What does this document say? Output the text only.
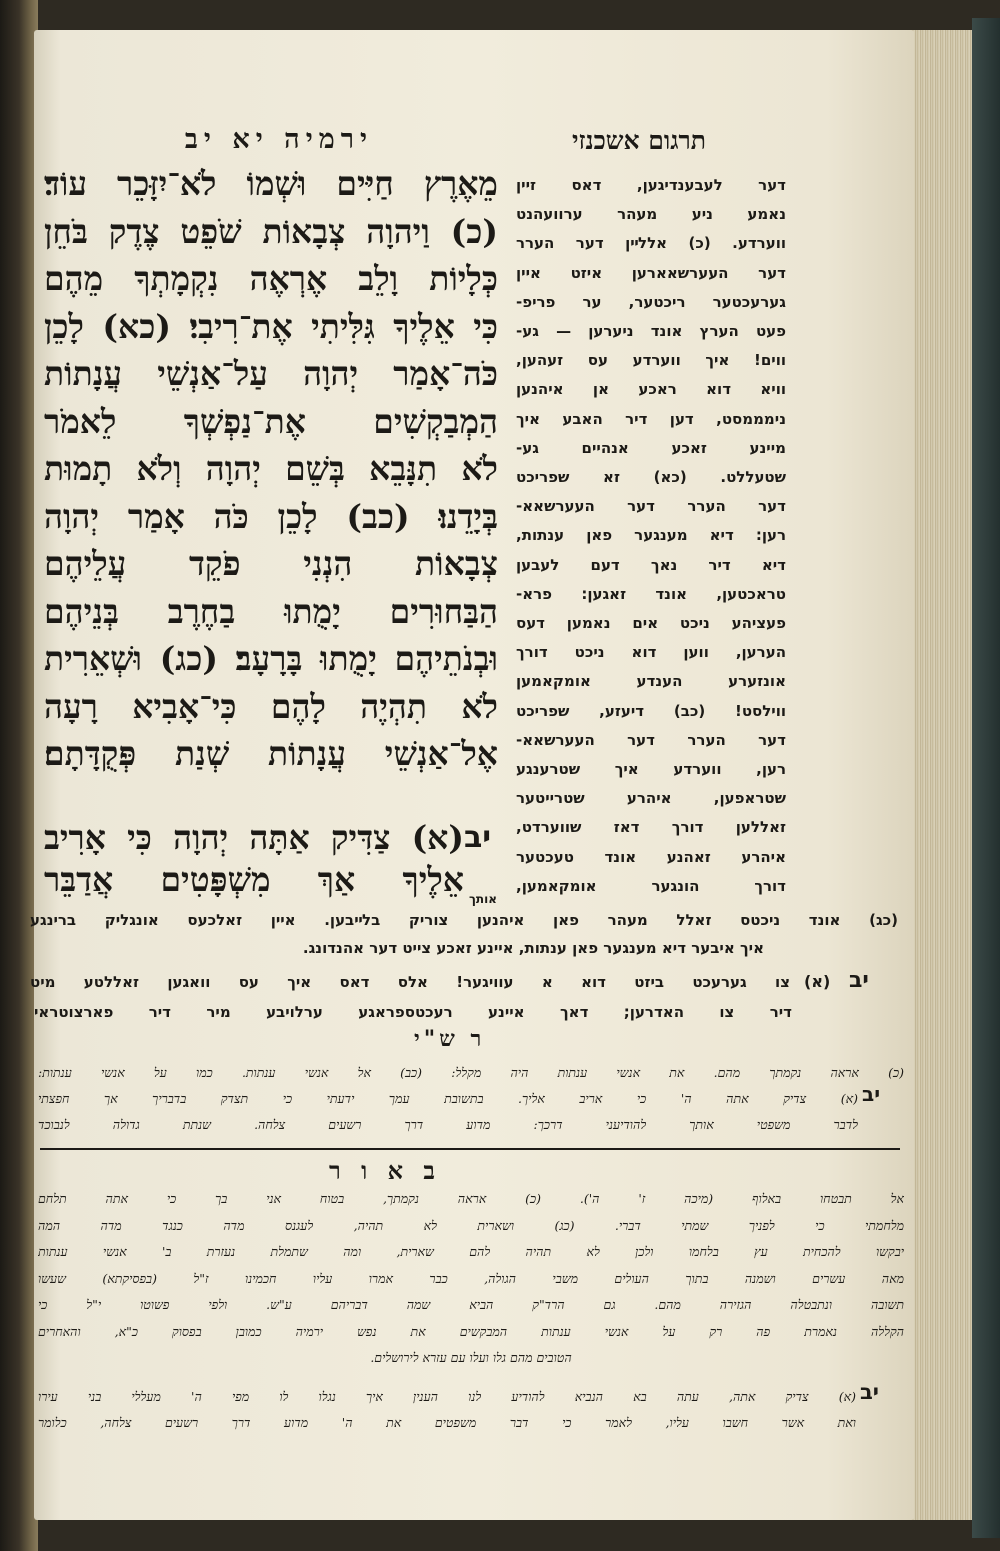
ירמיה יא יב	תרגום אשכנזי
מֵאֶרֶץ חַיִּים וּשְׁמוֹ לֹא־יִזָּכֵר עוֹד׃
(כ) וַיהוָה צְבָאוֹת שֹׁפֵט צֶדֶק בֹּחֵן
כְּלָיוֹת וָלֵב אֶרְאֶה נִקְמָתְךָ מֵהֶם
כִּי אֵלֶיךָ גִּלִּיתִי אֶת־רִיבִי׃ (כא) לָכֵן
כֹּה־אָמַר יְהוָה עַל־אַנְשֵׁי עֲנָתוֹת
הַמְבַקְשִׁים אֶת־נַפְשְׁךָ לֵאמֹר
לֹא תִנָּבֵא בְּשֵׁם יְהוָה וְלֹא תָמוּת
בְּיָדֵנוּ׃ (כב) לָכֵן כֹּה אָמַר יְהוָה
צְבָאוֹת הִנְנִי פֹקֵד עֲלֵיהֶם
הַבַּחוּרִים יָמֻתוּ בַחֶרֶב בְּנֵיהֶם
וּבְנֹתֵיהֶם יָמֻתוּ בָּרָעָב׃ (כג) וּשְׁאֵרִית
לֹא תִהְיֶה לָהֶם כִּי־אָבִיא רָעָה
אֶל־אַנְשֵׁי עֲנָתוֹת שְׁנַת פְּקֻדָּתָם׃
(א) צַדִּיק אַתָּה יְהוָה כִּי אָרִיב יב
אֵלֶיךָ אַךְ מִשְׁפָּטִים אֲדַבֵּר אותך
דער לעבענדיגען, דאס זיין
נאמע ניע מעהר ערוועהנט
ווערדע. (כ) אללײן דער הערר
דער העערשאארען איזט איין
גערעכטער ריכטער, ער פריפ-
פעט הערץ אונד ניערען — גע-
ווים! איך ווערדע עס זעהען,
וויא דוא ראכע אן איהנען
נימממסט, דען דיר האבע איך
מיינע זאכע אנהיים גע-
שטעללט. (כא) זא שפריכט
דער הערר דער העערשאא-
רען: דיא מענגער פאן ענתות,
דיא דיר נאך דעם לעבען
טראכטען, אונד זאגען: פרא-
פעציהע ניכט אים נאמען דעס
הערען, ווען דוא ניכט דורך
אונזערע הענדע אומקאמען
ווילסט! (כב) דיעזע, שפריכט
דער הערר דער העערשאא-
רען, ווערדע איך שטרענגע
שטראפען, איהרע שטרייטער
זאללען דורך דאז שווערדט,
איהרע זאהנע אונד טעכטער
דורך הונגער אומקאמען,
(כג) אונד ניכטס זאלל מעהר פאן איהנען צוריק בלײבען. איין זאלכעס אונגליק ברינגע
איך איבער דיא מענגער פאן ענתות, איינע זאכע צייט דער אהנדונג.
יב
(א)
צו גערעכט ביזט דוא א עוויגער! אלס דאס איך עס וואגען זאללטע מיט
דיר צו האדרען; דאך איינע רעכטספראגע ערלויבע מיר דיר פארצוטראי
ר ש"י
(כ) אראה נקמתך מהם. את אנשי ענתות היה מקלל: (כב) אל אנשי ענתות. כמו על אנשי ענתות:
יב
(א) צדיק אתה ה' כי אריב אליך. בתשובת עמך ידעתי כי תצדק בדבריך אך חפצתי
לדבר משפטי אותך להודיעני דרכך: מדוע דרך רשעים צלחה. שנתת גדולה לנבוכד
ב א ו ר
אל תבטחו באלוף (מיכה ז' ה'). (כ) אראה נקמתך, בטוח אני בך כי אתה תלחם
מלחמתי כי לפניך שמתי דברי. (כג) ושארית לא תהיה, לעגנס מדה כנגד מדה המה
יבקשו להכחית עץ בלחמו ולכן לא תהיה להם שארית, ומה שתמלת נעזרת ב' אנשי ענתות
מאה עשרים ושמנה בתוך העולים משבי הגולה, כבר אמרו עליו חכמינו ז"ל (בפסיקתא) שעשו
תשובה ונתבטלה הגזירה מהם. גם הרד"ק הביא שמה דבריהם ע"ש. ולפי פשוטו י"ל כי
הקללה נאמרת פה רק על אנשי ענתות המבקשים את נפש ירמיה כמובן בפסוק כ"א, והאחרים
הטובים מהם גלו ועלו עם עזרא לירושלים.
יב
(א) צדיק אתה, עתה בא הנביא להודיע לנו הענין איך נגלו לו מפי ה' מעללי בני עירו
ואת אשר חשבו עליו, לאמר כי דבר משפטים את ה' מדוע דרך רשעים צלחה, כלומר
